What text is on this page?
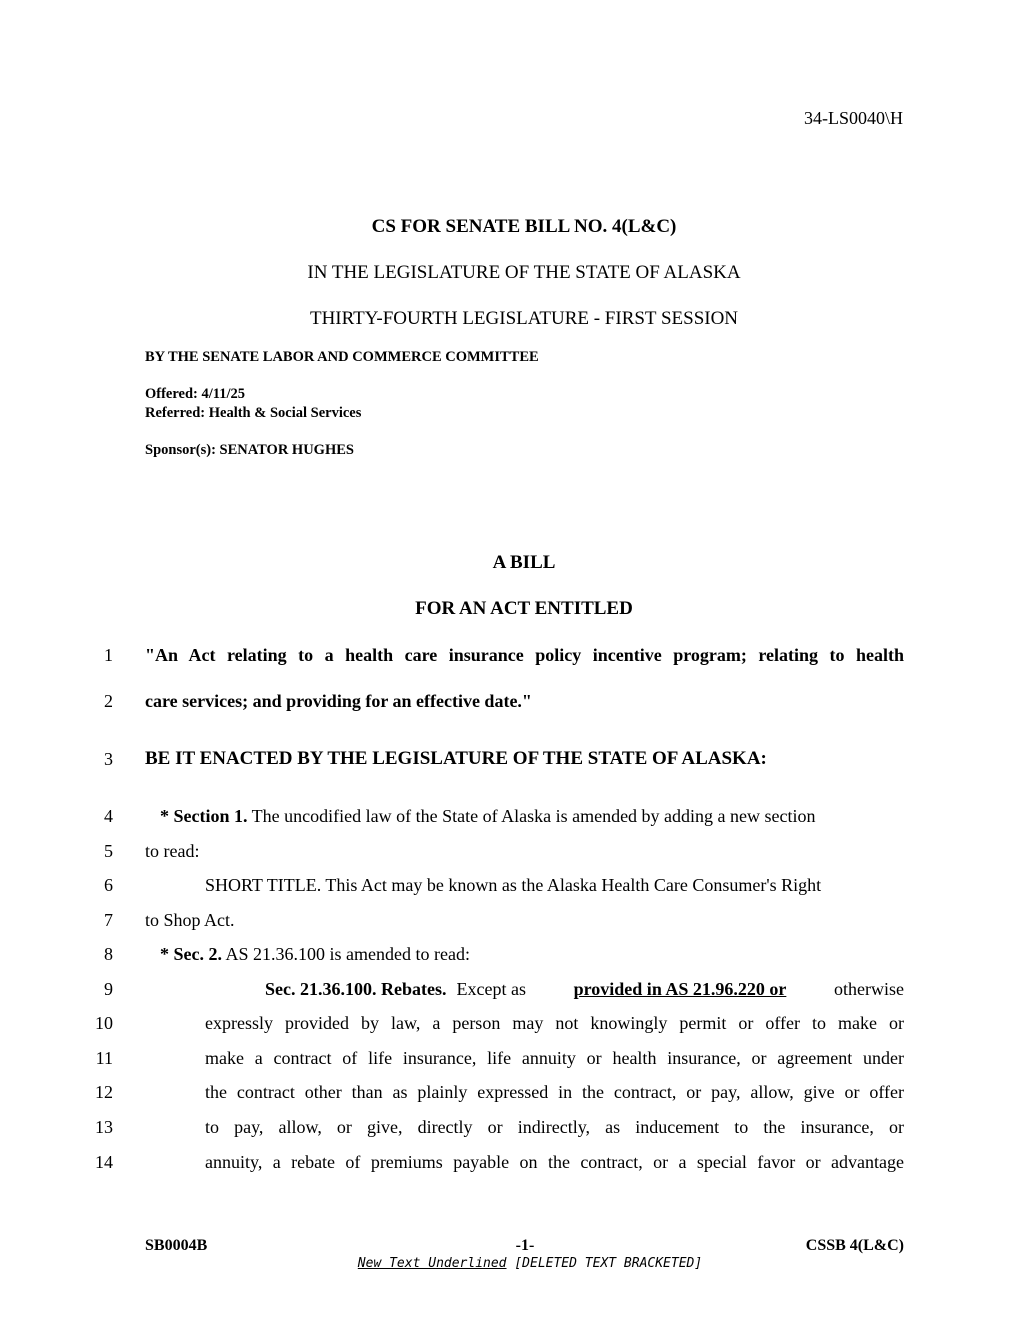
34-LS0040\H
CS FOR SENATE BILL NO. 4(L&C)
IN THE LEGISLATURE OF THE STATE OF ALASKA
THIRTY-FOURTH LEGISLATURE - FIRST SESSION
BY THE SENATE LABOR AND COMMERCE COMMITTEE
Offered: 4/11/25
Referred: Health & Social Services
Sponsor(s): SENATOR HUGHES
A BILL
FOR AN ACT ENTITLED
1 "An Act relating to a health care insurance policy incentive program; relating to health
2 care services; and providing for an effective date."
3 BE IT ENACTED BY THE LEGISLATURE OF THE STATE OF ALASKA:
4	* Section 1. The uncodified law of the State of Alaska is amended by adding a new section
5 to read:
6	SHORT TITLE. This Act may be known as the Alaska Health Care Consumer's Right
7 to Shop Act.
8	* Sec. 2. AS 21.36.100 is amended to read:
9	Sec. 21.36.100. Rebates. Except as	provided in AS 21.96.220 or	otherwise
10	expressly provided by law, a person may not knowingly permit or offer to make or
11	make a contract of life insurance, life annuity or health insurance, or agreement under
12	the contract other than as plainly expressed in the contract, or pay, allow, give or offer
13	to pay, allow, or give, directly or indirectly, as inducement to the insurance, or
14	annuity, a rebate of premiums payable on the contract, or a special favor or advantage
SB0004B	-1-	CSSB 4(L&C)
New Text Underlined [DELETED TEXT BRACKETED]
